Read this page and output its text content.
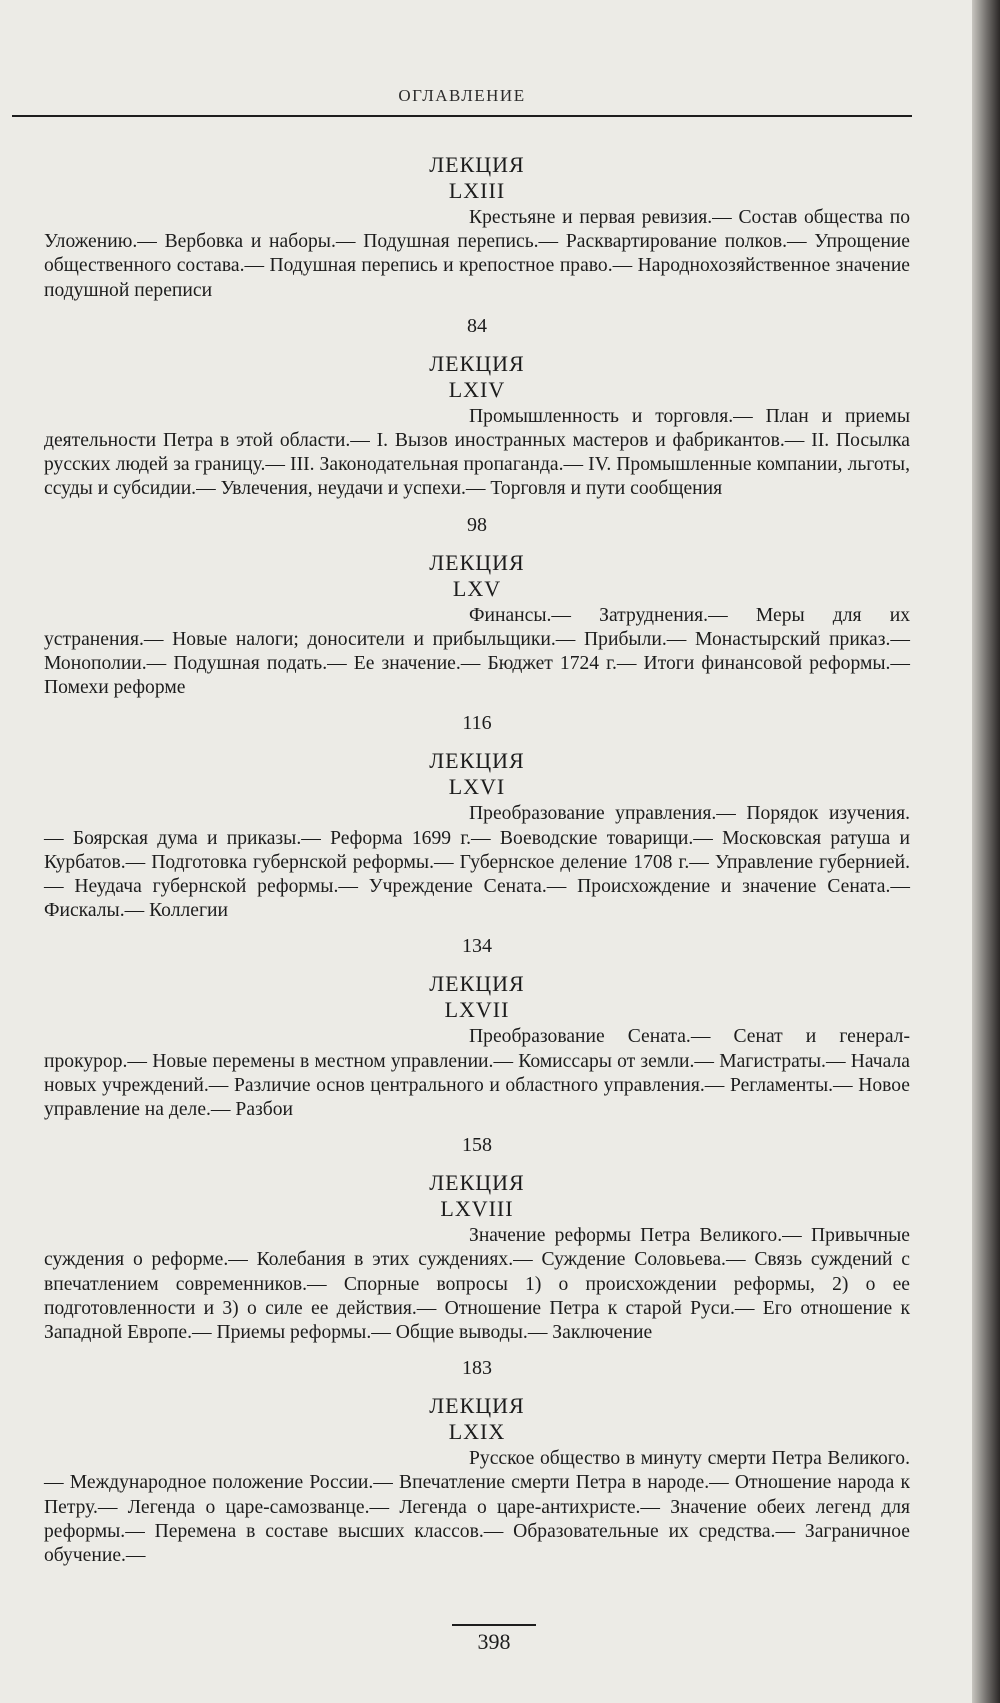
ОГЛАВЛЕНИЕ
ЛЕКЦИЯ
LXIII

Крестьяне и первая ревизия.— Состав общества по Уложению.— Вербовка и наборы.— Подушная перепись.— Расквартирование полков.— Упрощение общественного состава.— Подушная перепись и крепостное право.— Народнохозяйственное значение подушной переписи

84
ЛЕКЦИЯ
LXIV

Промышленность и торговля.— План и приемы деятельности Петра в этой области.— I. Вызов иностранных мастеров и фабрикантов.— II. Посылка русских людей за границу.— III. Законодательная пропаганда.— IV. Промышленные компании, льготы, ссуды и субсидии.— Увлечения, неудачи и успехи.— Торговля и пути сообщения

98
ЛЕКЦИЯ
LXV

Финансы.— Затруднения.— Меры для их устранения.— Новые налоги; доносители и прибыльщики.— Прибыли.— Монастырский приказ.— Монополии.— Подушная подать.— Ее значение.— Бюджет 1724 г.— Итоги финансовой реформы.— Помехи реформе

116
ЛЕКЦИЯ
LXVI

Преобразование управления.— Порядок изучения.— Боярская дума и приказы.— Реформа 1699 г.— Воеводские товарищи.— Московская ратуша и Курбатов.— Подготовка губернской реформы.— Губернское деление 1708 г.— Управление губернией.— Неудача губернской реформы.— Учреждение Сената.— Происхождение и значение Сената.— Фискалы.— Коллегии

134
ЛЕКЦИЯ
LXVII

Преобразование Сената.— Сенат и генерал-прокурор.— Новые перемены в местном управлении.— Комиссары от земли.— Магистраты.— Начала новых учреждений.— Различие основ центрального и областного управления.— Регламенты.— Новое управление на деле.— Разбои

158
ЛЕКЦИЯ
LXVIII

Значение реформы Петра Великого.— Привычные суждения о реформе.— Колебания в этих суждениях.— Суждение Соловьева.— Связь суждений с впечатлением современников.— Спорные вопросы 1) о происхождении реформы, 2) о ее подготовленности и 3) о силе ее действия.— Отношение Петра к старой Руси.— Его отношение к Западной Европе.— Приемы реформы.— Общие выводы.— Заключение

183
ЛЕКЦИЯ
LXIX

Русское общество в минуту смерти Петра Великого.— Международное положение России.— Впечатление смерти Петра в народе.— Отношение народа к Петру.— Легенда о царе-самозванце.— Легенда о царе-антихристе.— Значение обеих легенд для реформы.— Перемена в составе высших классов.— Образовательные их средства.— Заграничное обучение.—

398
